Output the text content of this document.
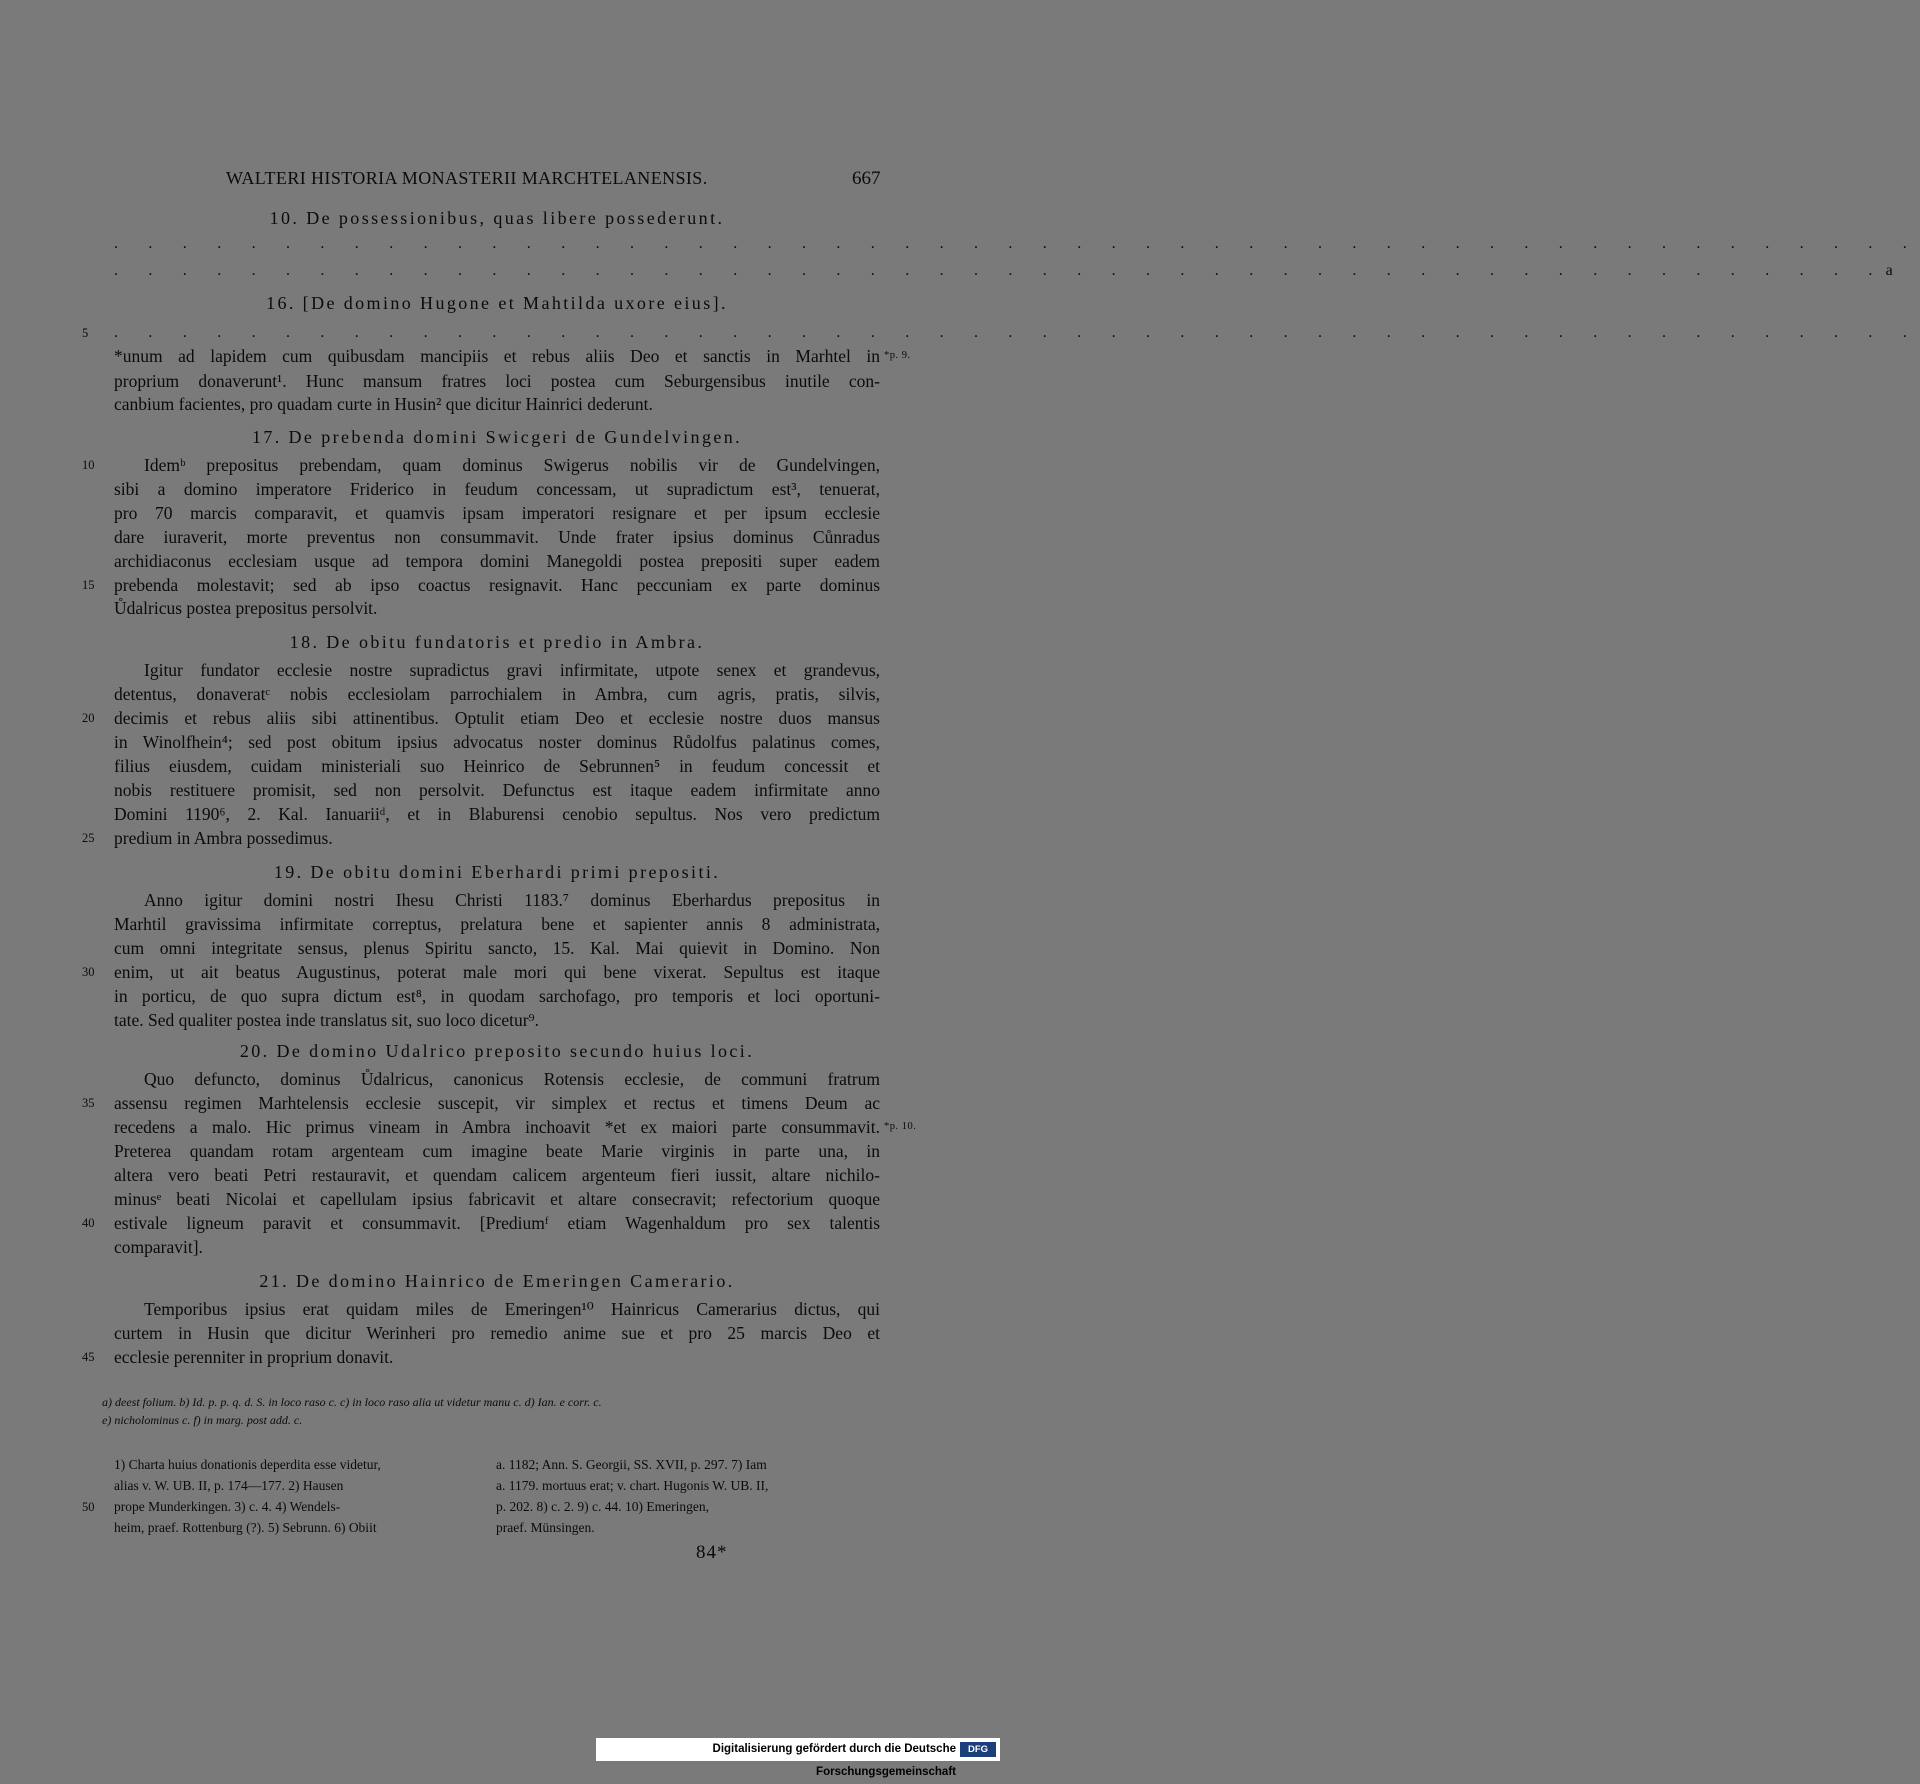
WALTERI HISTORIA MONASTERII MARCHTELANENSIS.	667
10. De possessionibus, quas libere possederunt.
. . . . . . . . . . . . . . . . . . . . . . . . . . . . . . . . . . . . . . . . . . . . . . . . . . . . .
. . . . . . . . . . . . . . . . . . . . . . . . . . . . . . . . . . . . . . . . . . . . . . . . . . . .a
16. [De domino Hugone et Mahtilda uxore eius].
5 . . . . . . . . . . . . . . . . . . . . . . . . . . . . . . . . . . . . . . . . . . . . . . . . . . . . .
*unum ad lapidem cum quibusdam mancipiis et rebus aliis Deo et sanctis in Marhtel in *p. 9.
proprium donaverunt¹. Hunc mansum fratres loci postea cum Seburgensibus inutile con-
canbium facientes, pro quadam curte in Husin² que dicitur Hainrici dederunt.
17. De prebenda domini Swicgeri de Gundelvingen.
10	Idemᵇ prepositus prebendam, quam dominus Swigerus nobilis vir de Gundelvingen,
sibi a domino imperatore Friderico in feudum concessam, ut supradictum est³, tenuerat,
pro 70 marcis comparavit, et quamvis ipsam imperatori resignare et per ipsum ecclesie
dare iuraverit, morte preventus non consummavit. Unde frater ipsius dominus Cůnradus
archidiaconus ecclesiam usque ad tempora domini Manegoldi postea prepositi super eadem
15 prebenda molestavit; sed ab ipso coactus resignavit. Hanc peccuniam ex parte dominus
Ůdalricus postea prepositus persolvit.
18. De obitu fundatoris et predio in Ambra.
Igitur fundator ecclesie nostre supradictus gravi infirmitate, utpote senex et grandevus,
detentus, donaveratᶜ nobis ecclesiolam parrochialem in Ambra, cum agris, pratis, silvis,
20 decimis et rebus aliis sibi attinentibus. Optulit etiam Deo et ecclesie nostre duos mansus
in Winolfhein⁴; sed post obitum ipsius advocatus noster dominus Růdolfus palatinus comes,
filius eiusdem, cuidam ministeriali suo Heinrico de Sebrunnen⁵ in feudum concessit et
nobis restituere promisit, sed non persolvit. Defunctus est itaque eadem infirmitate anno
Domini 1190⁶, 2. Kal. Ianuariiᵈ, et in Blaburensi cenobio sepultus. Nos vero predictum
25 predium in Ambra possedimus.
19. De obitu domini Eberhardi primi prepositi.
Anno igitur domini nostri Ihesu Christi 1183.⁷ dominus Eberhardus prepositus in
Marhtil gravissima infirmitate correptus, prelatura bene et sapienter annis 8 administrata,
cum omni integritate sensus, plenus Spiritu sancto, 15. Kal. Mai quievit in Domino. Non
30 enim, ut ait beatus Augustinus, poterat male mori qui bene vixerat. Sepultus est itaque
in porticu, de quo supra dictum est⁸, in quodam sarchofago, pro temporis et loci oportuni-
tate. Sed qualiter postea inde translatus sit, suo loco dicetur⁹.
20. De domino Udalrico preposito secundo huius loci.
Quo defuncto, dominus Ůdalricus, canonicus Rotensis ecclesie, de communi fratrum
35 assensu regimen Marhtelensis ecclesie suscepit, vir simplex et rectus et timens Deum ac
recedens a malo. Hic primus vineam in Ambra inchoavit *et ex maiori parte consummavit. *p. 10.
Preterea quandam rotam argenteam cum imagine beate Marie virginis in parte una, in
altera vero beati Petri restauravit, et quendam calicem argenteum fieri iussit, altare nichilo-
minusᵉ beati Nicolai et capellulam ipsius fabricavit et altare consecravit; refectorium quoque
40 estivale ligneum paravit et consummavit. [Prediumᶠ etiam Wagenhaldum pro sex talentis
comparavit].
21. De domino Hainrico de Emeringen Camerario.
Temporibus ipsius erat quidam miles de Emeringen¹⁰ Hainricus Camerarius dictus, qui
curtem in Husin que dicitur Werinheri pro remedio anime sue et pro 25 marcis Deo et
45 ecclesie perenniter in proprium donavit.
a) deest folium. b) Id. p. p. q. d. S. in loco raso c. c) in loco raso alia ut videtur manu c. d) Ian. e corr. c.
e) nicholominus c. f) in marg. post add. c.
1) Charta huius donationis deperdita esse videtur,
alias v. W. UB. II, p. 174—177. 2) Hausen
50 prope Munderkingen. 3) c. 4. 4) Wendels-
heim, praef. Rottenburg (?). 5) Sebrunn. 6) Obiit
a. 1182; Ann. S. Georgii, SS. XVII, p. 297. 7) Iam
a. 1179. mortuus erat; v. chart. Hugonis W. UB. II,
p. 202. 8) c. 2. 9) c. 44. 10) Emeringen,
praef. Münsingen.
84*
Digitalisierung gefördert durch die Deutsche Forschungsgemeinschaft
DFG
